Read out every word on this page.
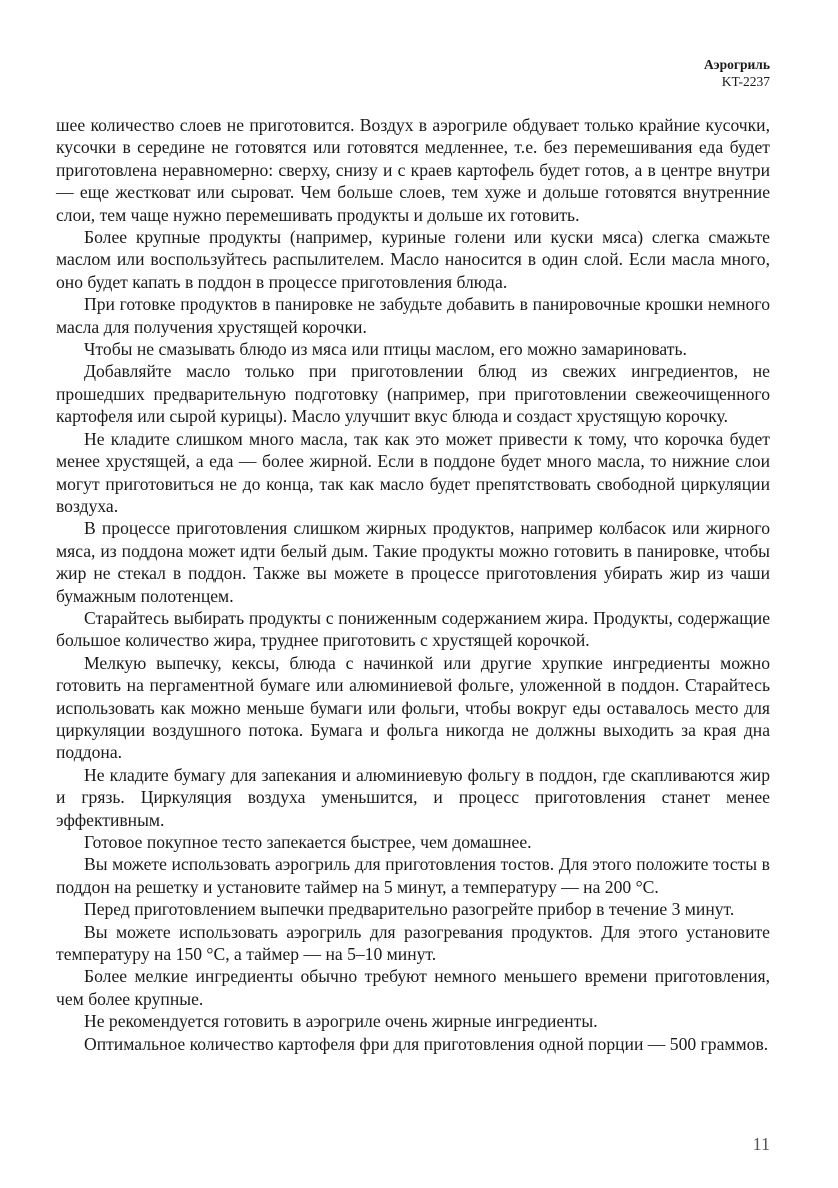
Аэрогриль
KT-2237

шее количество слоев не приготовится. Воздух в аэрогриле обдувает только крайние кусочки, кусочки в середине не готовятся или готовятся медленнее, т.е. без перемешивания еда будет приготовлена неравномерно: сверху, снизу и с краев картофель будет готов, а в центре внутри — еще жестковат или сыроват. Чем больше слоев, тем хуже и дольше готовятся внутренние слои, тем чаще нужно перемешивать продукты и дольше их готовить.

Более крупные продукты (например, куриные голени или куски мяса) слегка смажьте маслом или воспользуйтесь распылителем. Масло наносится в один слой. Если масла много, оно будет капать в поддон в процессе приготовления блюда.

При готовке продуктов в панировке не забудьте добавить в панировочные крошки немного масла для получения хрустящей корочки.

Чтобы не смазывать блюдо из мяса или птицы маслом, его можно замариновать.

Добавляйте масло только при приготовлении блюд из свежих ингредиентов, не прошедших предварительную подготовку (например, при приготовлении свежеочищенного картофеля или сырой курицы). Масло улучшит вкус блюда и создаст хрустящую корочку.

Не кладите слишком много масла, так как это может привести к тому, что корочка будет менее хрустящей, а еда — более жирной. Если в поддоне будет много масла, то нижние слои могут приготовиться не до конца, так как масло будет препятствовать свободной циркуляции воздуха.

В процессе приготовления слишком жирных продуктов, например колбасок или жирного мяса, из поддона может идти белый дым. Такие продукты можно готовить в панировке, чтобы жир не стекал в поддон. Также вы можете в процессе приготовления убирать жир из чаши бумажным полотенцем.

Старайтесь выбирать продукты с пониженным содержанием жира. Продукты, содержащие большое количество жира, труднее приготовить с хрустящей корочкой.

Мелкую выпечку, кексы, блюда с начинкой или другие хрупкие ингредиенты можно готовить на пергаментной бумаге или алюминиевой фольге, уложенной в поддон. Старайтесь использовать как можно меньше бумаги или фольги, чтобы вокруг еды оставалось место для циркуляции воздушного потока. Бумага и фольга никогда не должны выходить за края дна поддона.

Не кладите бумагу для запекания и алюминиевую фольгу в поддон, где скапливаются жир и грязь. Циркуляция воздуха уменьшится, и процесс приготовления станет менее эффективным.

Готовое покупное тесто запекается быстрее, чем домашнее.

Вы можете использовать аэрогриль для приготовления тостов. Для этого положите тосты в поддон на решетку и установите таймер на 5 минут, а температуру — на 200 °C.

Перед приготовлением выпечки предварительно разогрейте прибор в течение 3 минут.

Вы можете использовать аэрогриль для разогревания продуктов. Для этого установите температуру на 150 °C, а таймер — на 5–10 минут.

Более мелкие ингредиенты обычно требуют немного меньшего времени приготовления, чем более крупные.

Не рекомендуется готовить в аэрогриле очень жирные ингредиенты.

Оптимальное количество картофеля фри для приготовления одной порции — 500 граммов.

11
